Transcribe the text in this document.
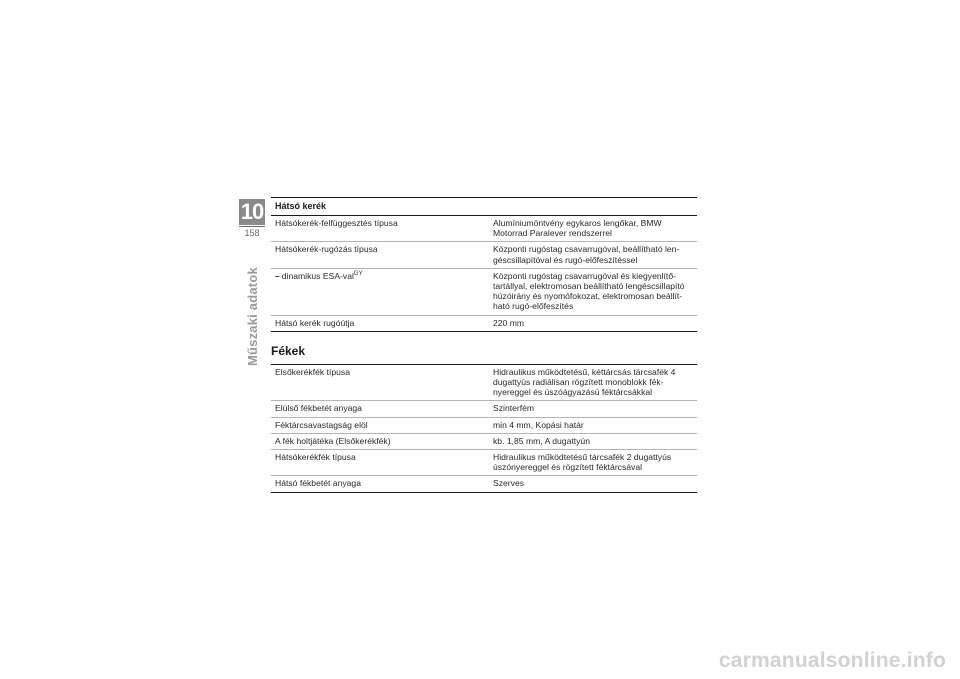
10
158
Műszaki adatok
Hátsó kerék
Hátsókerék-felfüggesztés típusa	Alumíniumöntvény egykaros lengőkar, BMW Motorrad Paralever rendszerrel
Hátsókerék-rugózás típusa	Központi rugóstag csavarrugóval, beállítható len-géscsillapítóval és rugó-előfeszítéssel
– dinamikus ESA-val$^{GY}$	Központi rugóstag csavarrugóval és kiegyenlítő-tartállyal, elektromosan beállítható lengéscsillapító húzóirány és nyomófokozat, elektromosan beállít-ható rugó-előfeszítés
Hátsó kerék rugóútja	220 mm
Fékek
Elsőkerékfék típusa	Hidraulikus működtetésű, kéttárcsás tárcsafék 4 dugattyús radiálisan rögzített monoblokk fék-nyereggel és úszóágyazású féktárcsákkal
Elülső fékbetét anyaga	Szinterfém
Féktárcsavastagság elöl	min 4 mm, Kopási határ
A fék holtjátéka (Elsőkerékfék)	kb. 1,85 mm, A dugattyún
Hátsókerékfék típusa	Hidraulikus működtetésű tárcsafék 2 dugattyús úszónyereggel és rögzített féktárcsával
Hátsó fékbetét anyaga	Szerves
carmanualsonline.info
